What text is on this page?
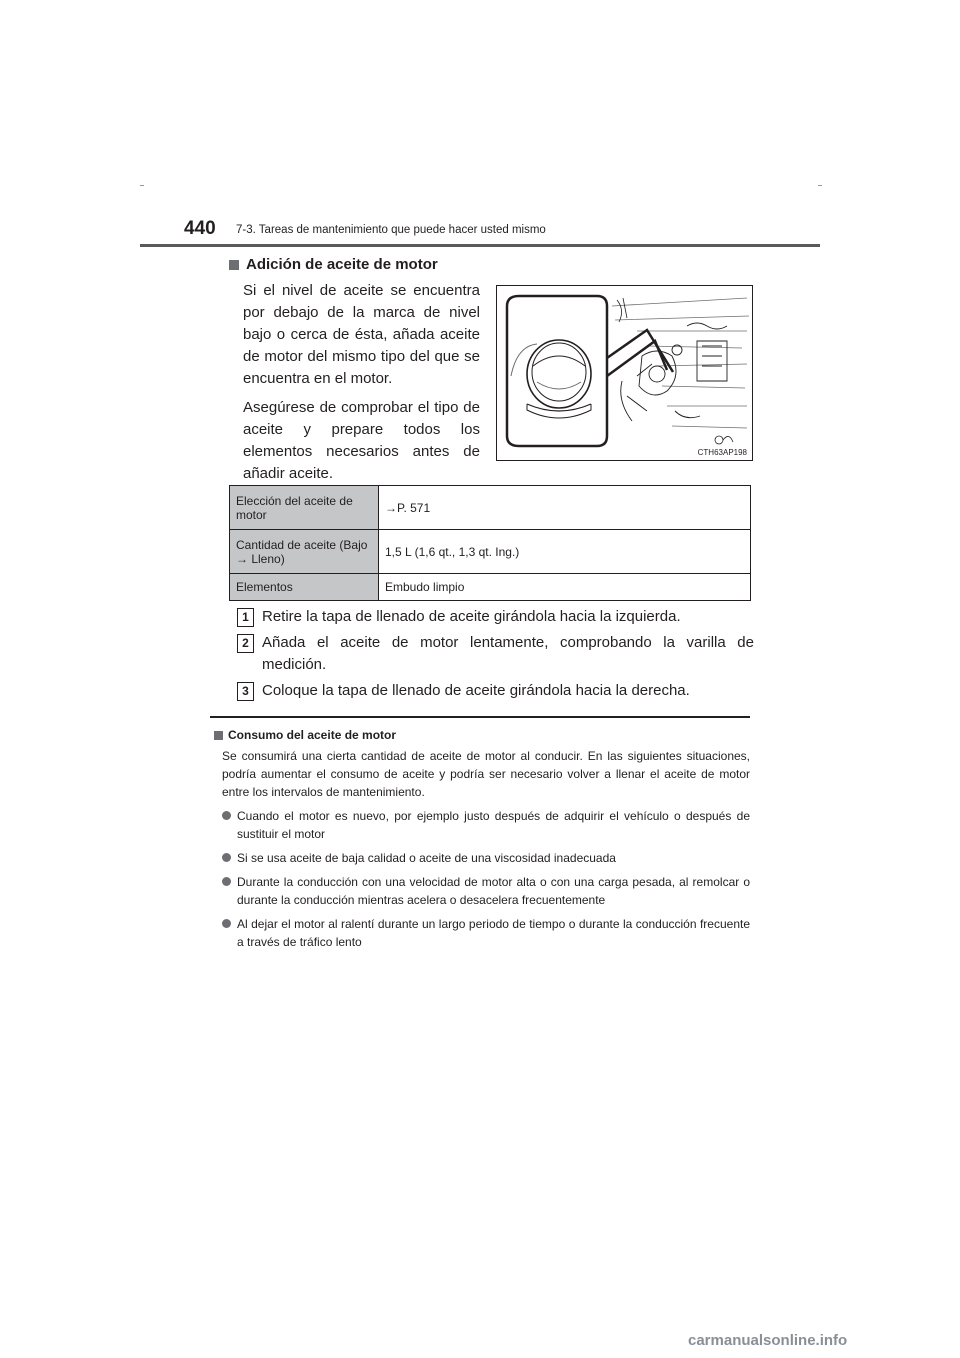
440 7-3. Tareas de mantenimiento que puede hacer usted mismo
Adición de aceite de motor

Si el nivel de aceite se encuentra por debajo de la marca de nivel bajo o cerca de ésta, añada aceite de motor del mismo tipo del que se encuentra en el motor.

Asegúrese de comprobar el tipo de aceite y prepare todos los elementos necesarios antes de añadir aceite.

CTH63AP198
Elección del aceite de motor	→P. 571
Cantidad de aceite (Bajo → Lleno)	1,5 L (1,6 qt., 1,3 qt. Ing.)
Elementos	Embudo limpio
1 Retire la tapa de llenado de aceite girándola hacia la izquierda.
2 Añada el aceite de motor lentamente, comprobando la varilla de medición.
3 Coloque la tapa de llenado de aceite girándola hacia la derecha.
Consumo del aceite de motor
Se consumirá una cierta cantidad de aceite de motor al conducir. En las siguientes situaciones, podría aumentar el consumo de aceite y podría ser necesario volver a llenar el aceite de motor entre los intervalos de mantenimiento.
Cuando el motor es nuevo, por ejemplo justo después de adquirir el vehículo o después de sustituir el motor
Si se usa aceite de baja calidad o aceite de una viscosidad inadecuada
Durante la conducción con una velocidad de motor alta o con una carga pesada, al remolcar o durante la conducción mientras acelera o desacelera frecuentemente
Al dejar el motor al ralentí durante un largo periodo de tiempo o durante la conducción frecuente a través de tráfico lento
carmanualsonline.info
